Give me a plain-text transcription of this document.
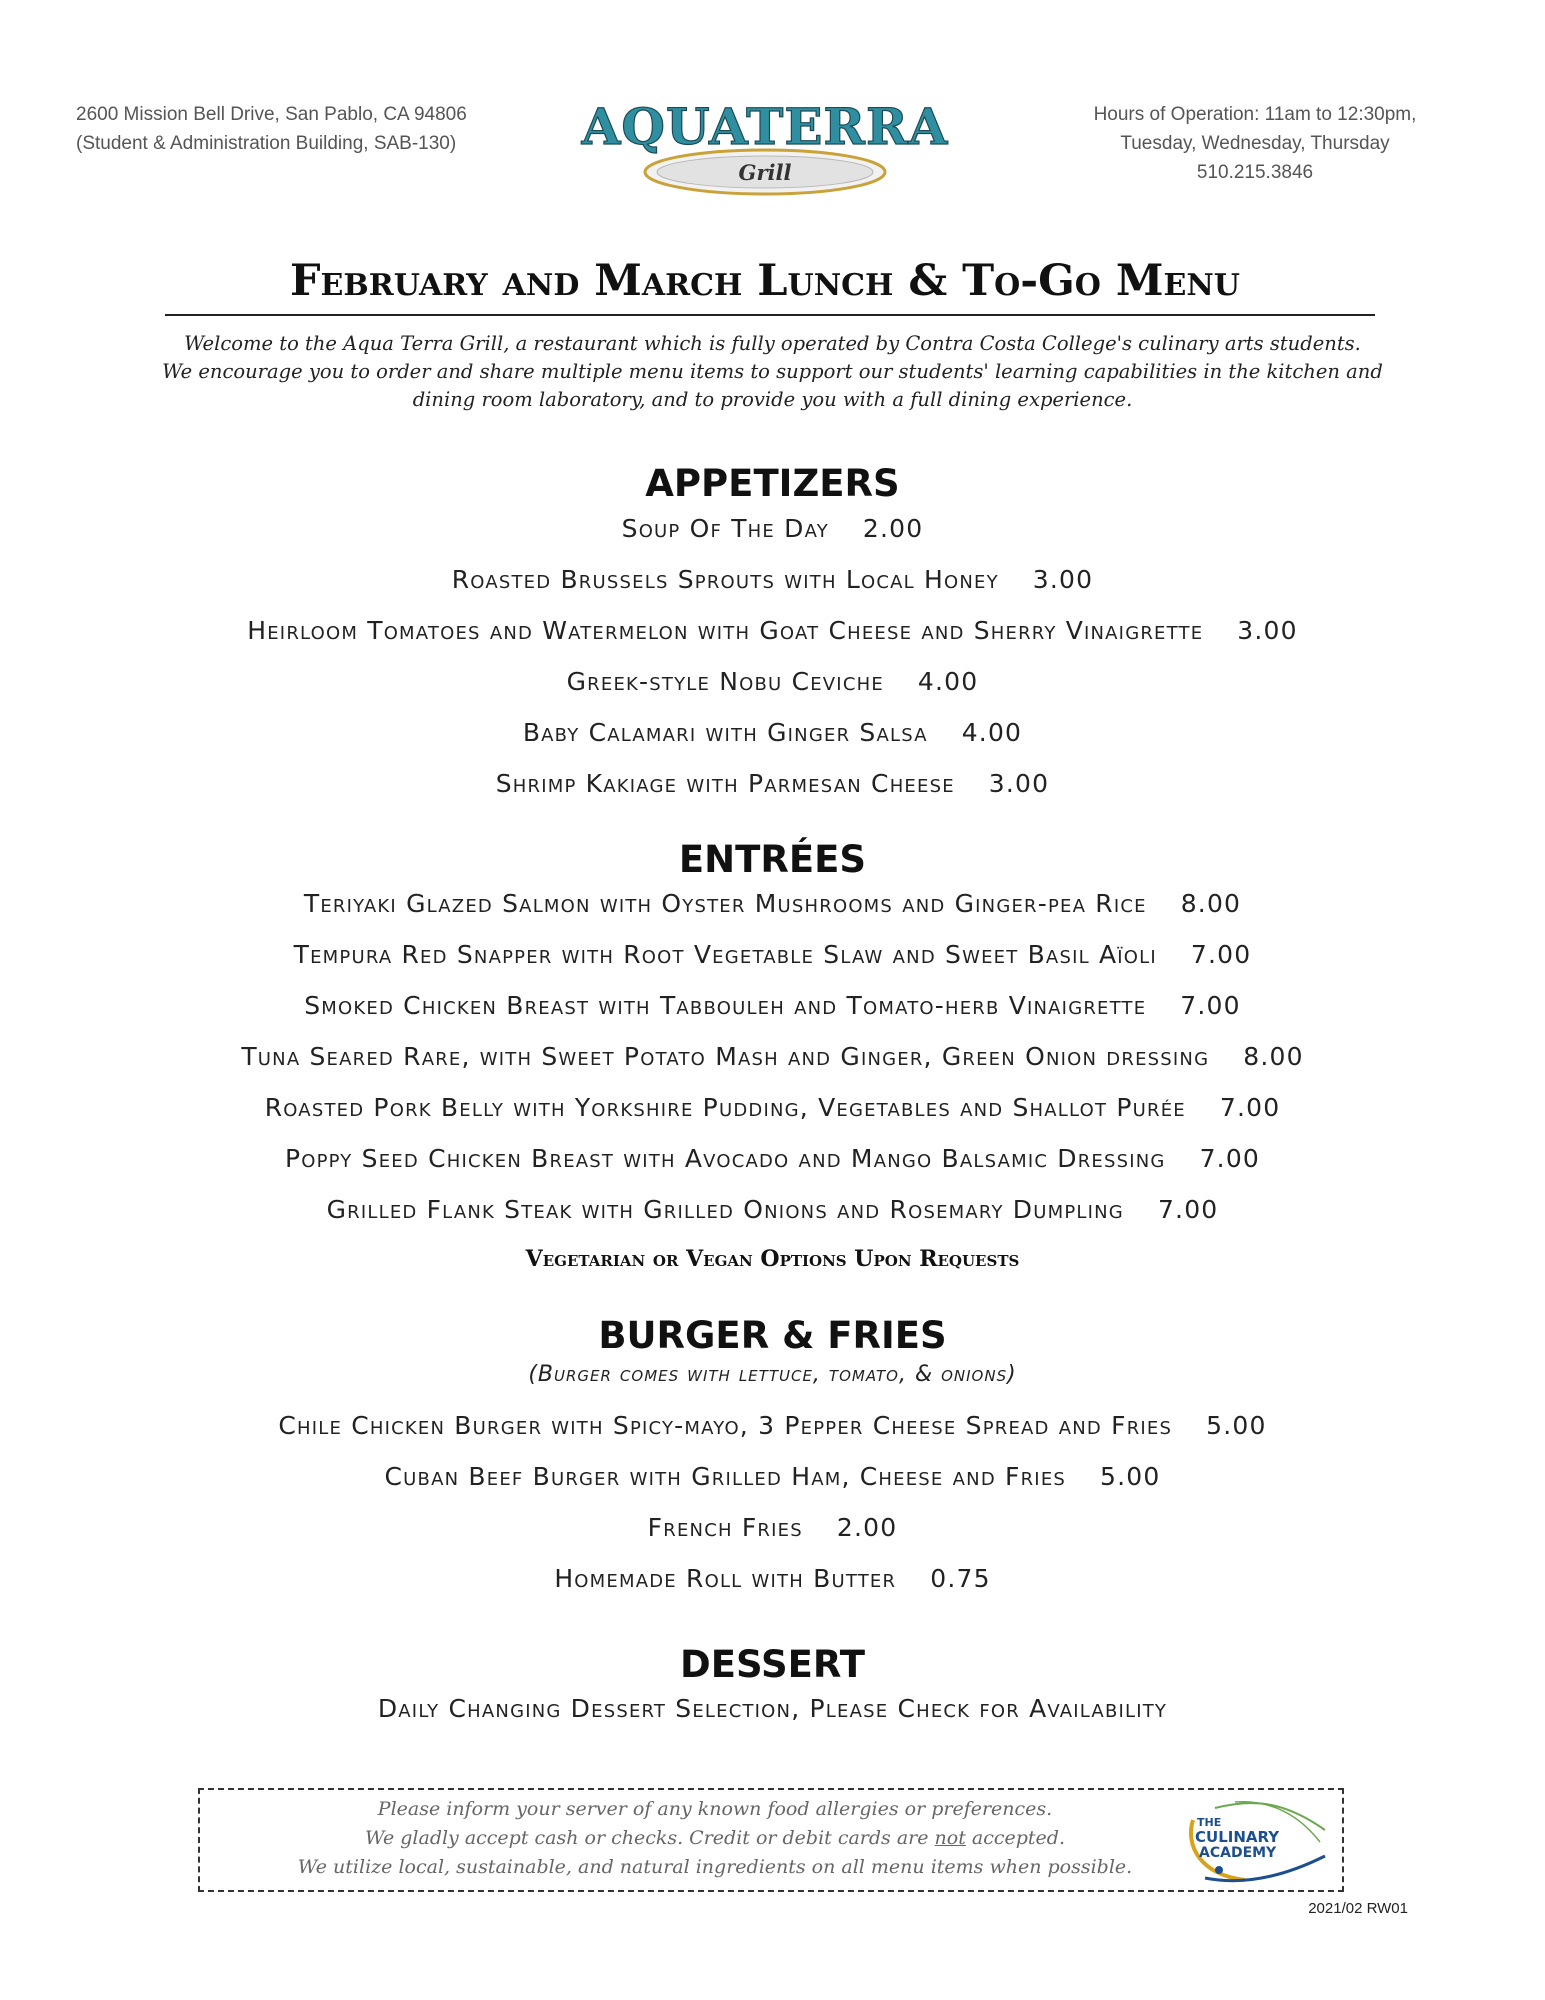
2600 Mission Bell Drive, San Pablo, CA 94806
(Student & Administration Building, SAB-130)	AQUATERRA
Grill
Hours of Operation: 11am to 12:30pm,
Tuesday, Wednesday, Thursday
510.215.3846
February and March Lunch & To-Go Menu

Welcome to the Aqua Terra Grill, a restaurant which is fully operated by Contra Costa College's culinary arts students.

We encourage you to order and share multiple menu items to support our students' learning capabilities in the kitchen and

dining room laboratory, and to provide you with a full dining experience.

APPETIZERS
Soup Of The Day 2.00
Roasted Brussels Sprouts with Local Honey 3.00
Heirloom Tomatoes and Watermelon with Goat Cheese and Sherry Vinaigrette 3.00
Greek-style Nobu Ceviche 4.00
Baby Calamari with Ginger Salsa 4.00
Shrimp Kakiage with Parmesan Cheese 3.00
ENTRÉES
Teriyaki Glazed Salmon with Oyster Mushrooms and Ginger-pea Rice 8.00
Tempura Red Snapper with Root Vegetable Slaw and Sweet Basil Aïoli 7.00
Smoked Chicken Breast with Tabbouleh and Tomato-herb Vinaigrette 7.00
Tuna Seared Rare, with Sweet Potato Mash and Ginger, Green Onion dressing 8.00
Roasted Pork Belly with Yorkshire Pudding, Vegetables and Shallot Purée 7.00
Poppy Seed Chicken Breast with Avocado and Mango Balsamic Dressing 7.00
Grilled Flank Steak with Grilled Onions and Rosemary Dumpling 7.00
Vegetarian or Vegan Options Upon Requests
BURGER & FRIES
(Burger comes with lettuce, tomato, & onions)
Chile Chicken Burger with Spicy-mayo, 3 Pepper Cheese Spread and Fries 5.00
Cuban Beef Burger with Grilled Ham, Cheese and Fries 5.00
French Fries 2.00
Homemade Roll with Butter 0.75
DESSERT
Daily Changing Dessert Selection, Please Check for Availability

Please inform your server of any known food allergies or preferences.

We gladly accept cash or checks. Credit or debit cards are not accepted.

We utilize local, sustainable, and natural ingredients on all menu items when possible.

THE
CULINARY
ACADEMY
2021/02 RW01
